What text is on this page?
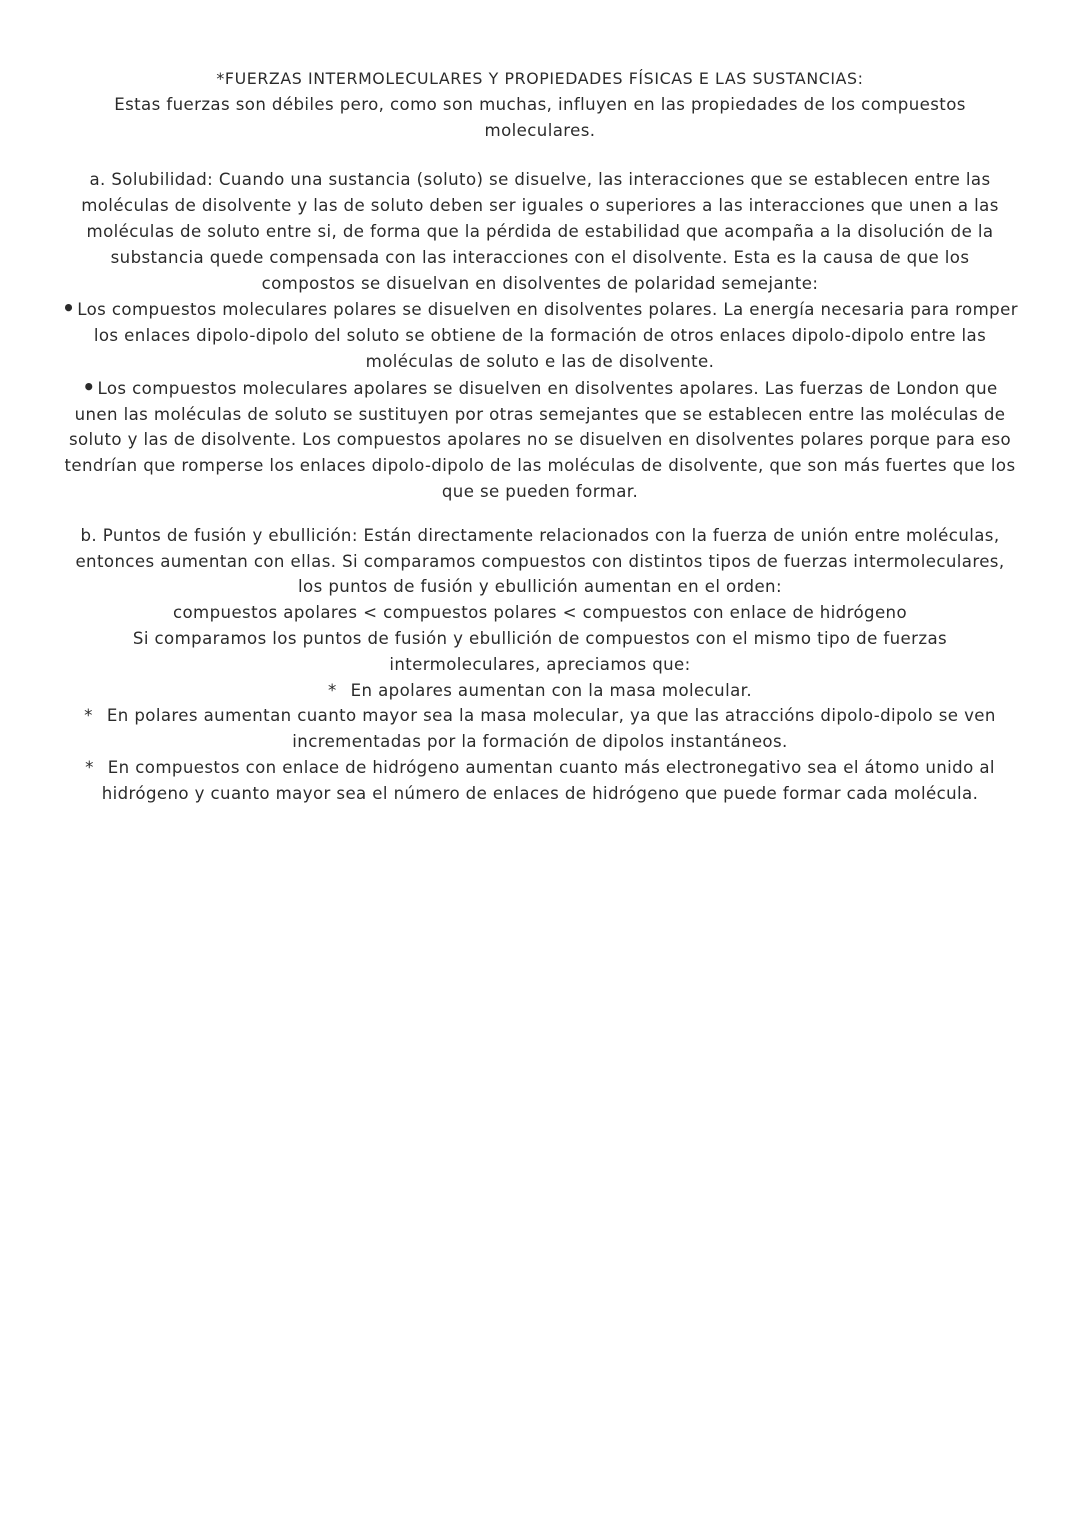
*FUERZAS INTERMOLECULARES Y PROPIEDADES FÍSICAS E LAS SUSTANCIAS:

Estas fuerzas son débiles pero, como son muchas, influyen en las propiedades de los compuestos moleculares.

a. Solubilidad: Cuando una sustancia (soluto) se disuelve, las interacciones que se establecen entre las moléculas de disolvente y las de soluto deben ser iguales o superiores a las interacciones que unen a las moléculas de soluto entre si, de forma que la pérdida de estabilidad que acompaña a la disolución de la substancia quede compensada con las interacciones con el disolvente. Esta es la causa de que los compostos se disuelvan en disolventes de polaridad semejante:

• Los compuestos moleculares polares se disuelven en disolventes polares. La energía necesaria para romper los enlaces dipolo-dipolo del soluto se obtiene de la formación de otros enlaces dipolo-dipolo entre las moléculas de soluto e las de disolvente.

• Los compuestos moleculares apolares se disuelven en disolventes apolares. Las fuerzas de London que unen las moléculas de soluto se sustituyen por otras semejantes que se establecen entre las moléculas de soluto y las de disolvente. Los compuestos apolares no se disuelven en disolventes polares porque para eso tendrían que romperse los enlaces dipolo-dipolo de las moléculas de disolvente, que son más fuertes que los que se pueden formar.

b. Puntos de fusión y ebullición: Están directamente relacionados con la fuerza de unión entre moléculas, entonces aumentan con ellas. Si comparamos compuestos con distintos tipos de fuerzas intermoleculares, los puntos de fusión y ebullición aumentan en el orden:

compuestos apolares < compuestos polares < compuestos con enlace de hidrógeno

Si comparamos los puntos de fusión y ebullición de compuestos con el mismo tipo de fuerzas intermoleculares, apreciamos que:

* En apolares aumentan con la masa molecular.

* En polares aumentan cuanto mayor sea la masa molecular, ya que las atraccións dipolo-dipolo se ven incrementadas por la formación de dipolos instantáneos.

* En compuestos con enlace de hidrógeno aumentan cuanto más electronegativo sea el átomo unido al hidrógeno y cuanto mayor sea el número de enlaces de hidrógeno que puede formar cada molécula.
